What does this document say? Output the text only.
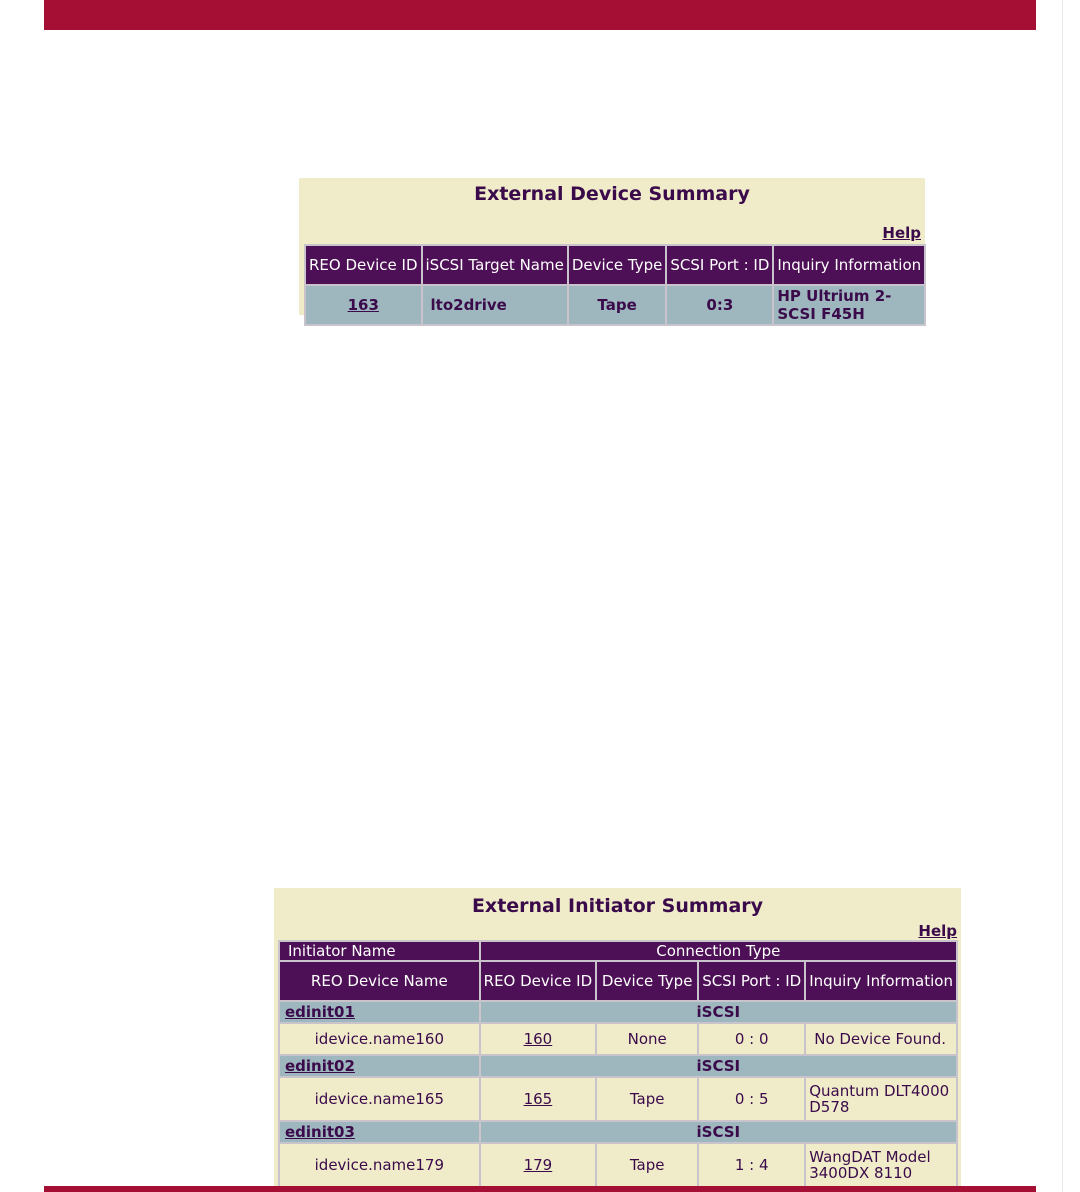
External Device Summary
Help
REO Device ID	iSCSI Target Name	Device Type	SCSI Port : ID	Inquiry Information
163	lto2drive	Tape	0:3	HP Ultrium 2-SCSI F45H
External Initiator Summary
Help
Initiator Name	Connection Type			
REO Device Name	REO Device ID	Device Type	SCSI Port : ID	Inquiry Information
edinit01	iSCSI			
idevice.name160	160	None	0 : 0	No Device Found.
edinit02	iSCSI			
idevice.name165	165	Tape	0 : 5	Quantum DLT4000 D578
edinit03	iSCSI			
idevice.name179	179	Tape	1 : 4	WangDAT Model 3400DX 8110
